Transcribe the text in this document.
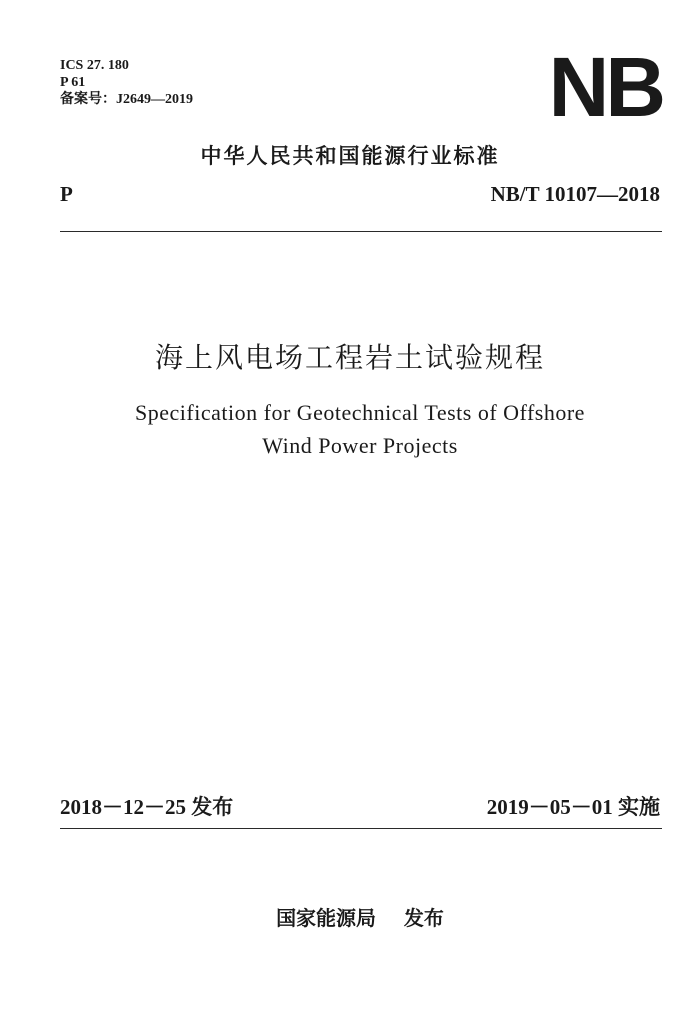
ICS 27. 180
P 61
备案号：J2649—2019	NB
中华人民共和国能源行业标准
P	NB/T 10107—2018
海上风电场工程岩土试验规程
Specification for Geotechnical Tests of Offshore
Wind Power Projects
2018－12－25 发布	2019－05－01 实施
国家能源局    发布
